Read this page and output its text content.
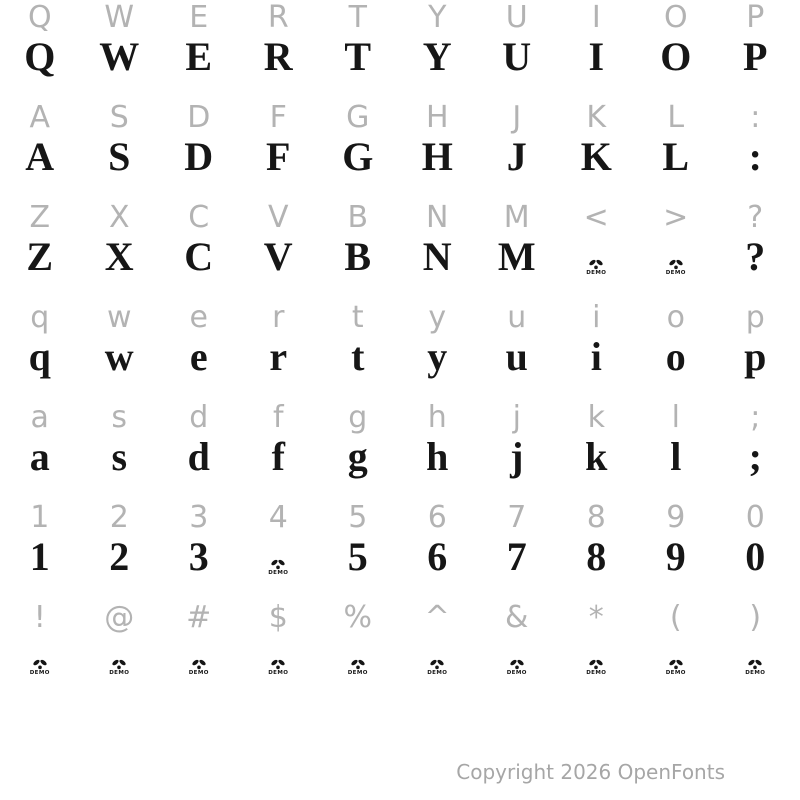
Q	W	E	R	T	Y	U	I	O	P
Q	W	E	R	T	Y	U	I	O	P
A	S	D	F	G	H	J	K	L	:
A	S	D	F	G	H	J	K	L	:
Z	X	C	V	B	N	M	<	>	?
Z	X	C	V	B	N	M	DEMO	DEMO	?
q	w	e	r	t	y	u	i	o	p
q	w	e	r	t	y	u	i	o	p
a	s	d	f	g	h	j	k	l	;
a	s	d	f	g	h	j	k	l	;
1	2	3	4	5	6	7	8	9	0
1	2	3	DEMO	5	6	7	8	9	0
!	@	#	$	%	^	&	*	(	)
DEMO	DEMO	DEMO	DEMO	DEMO	DEMO	DEMO	DEMO	DEMO	DEMO
Copyright 2026 OpenFonts
